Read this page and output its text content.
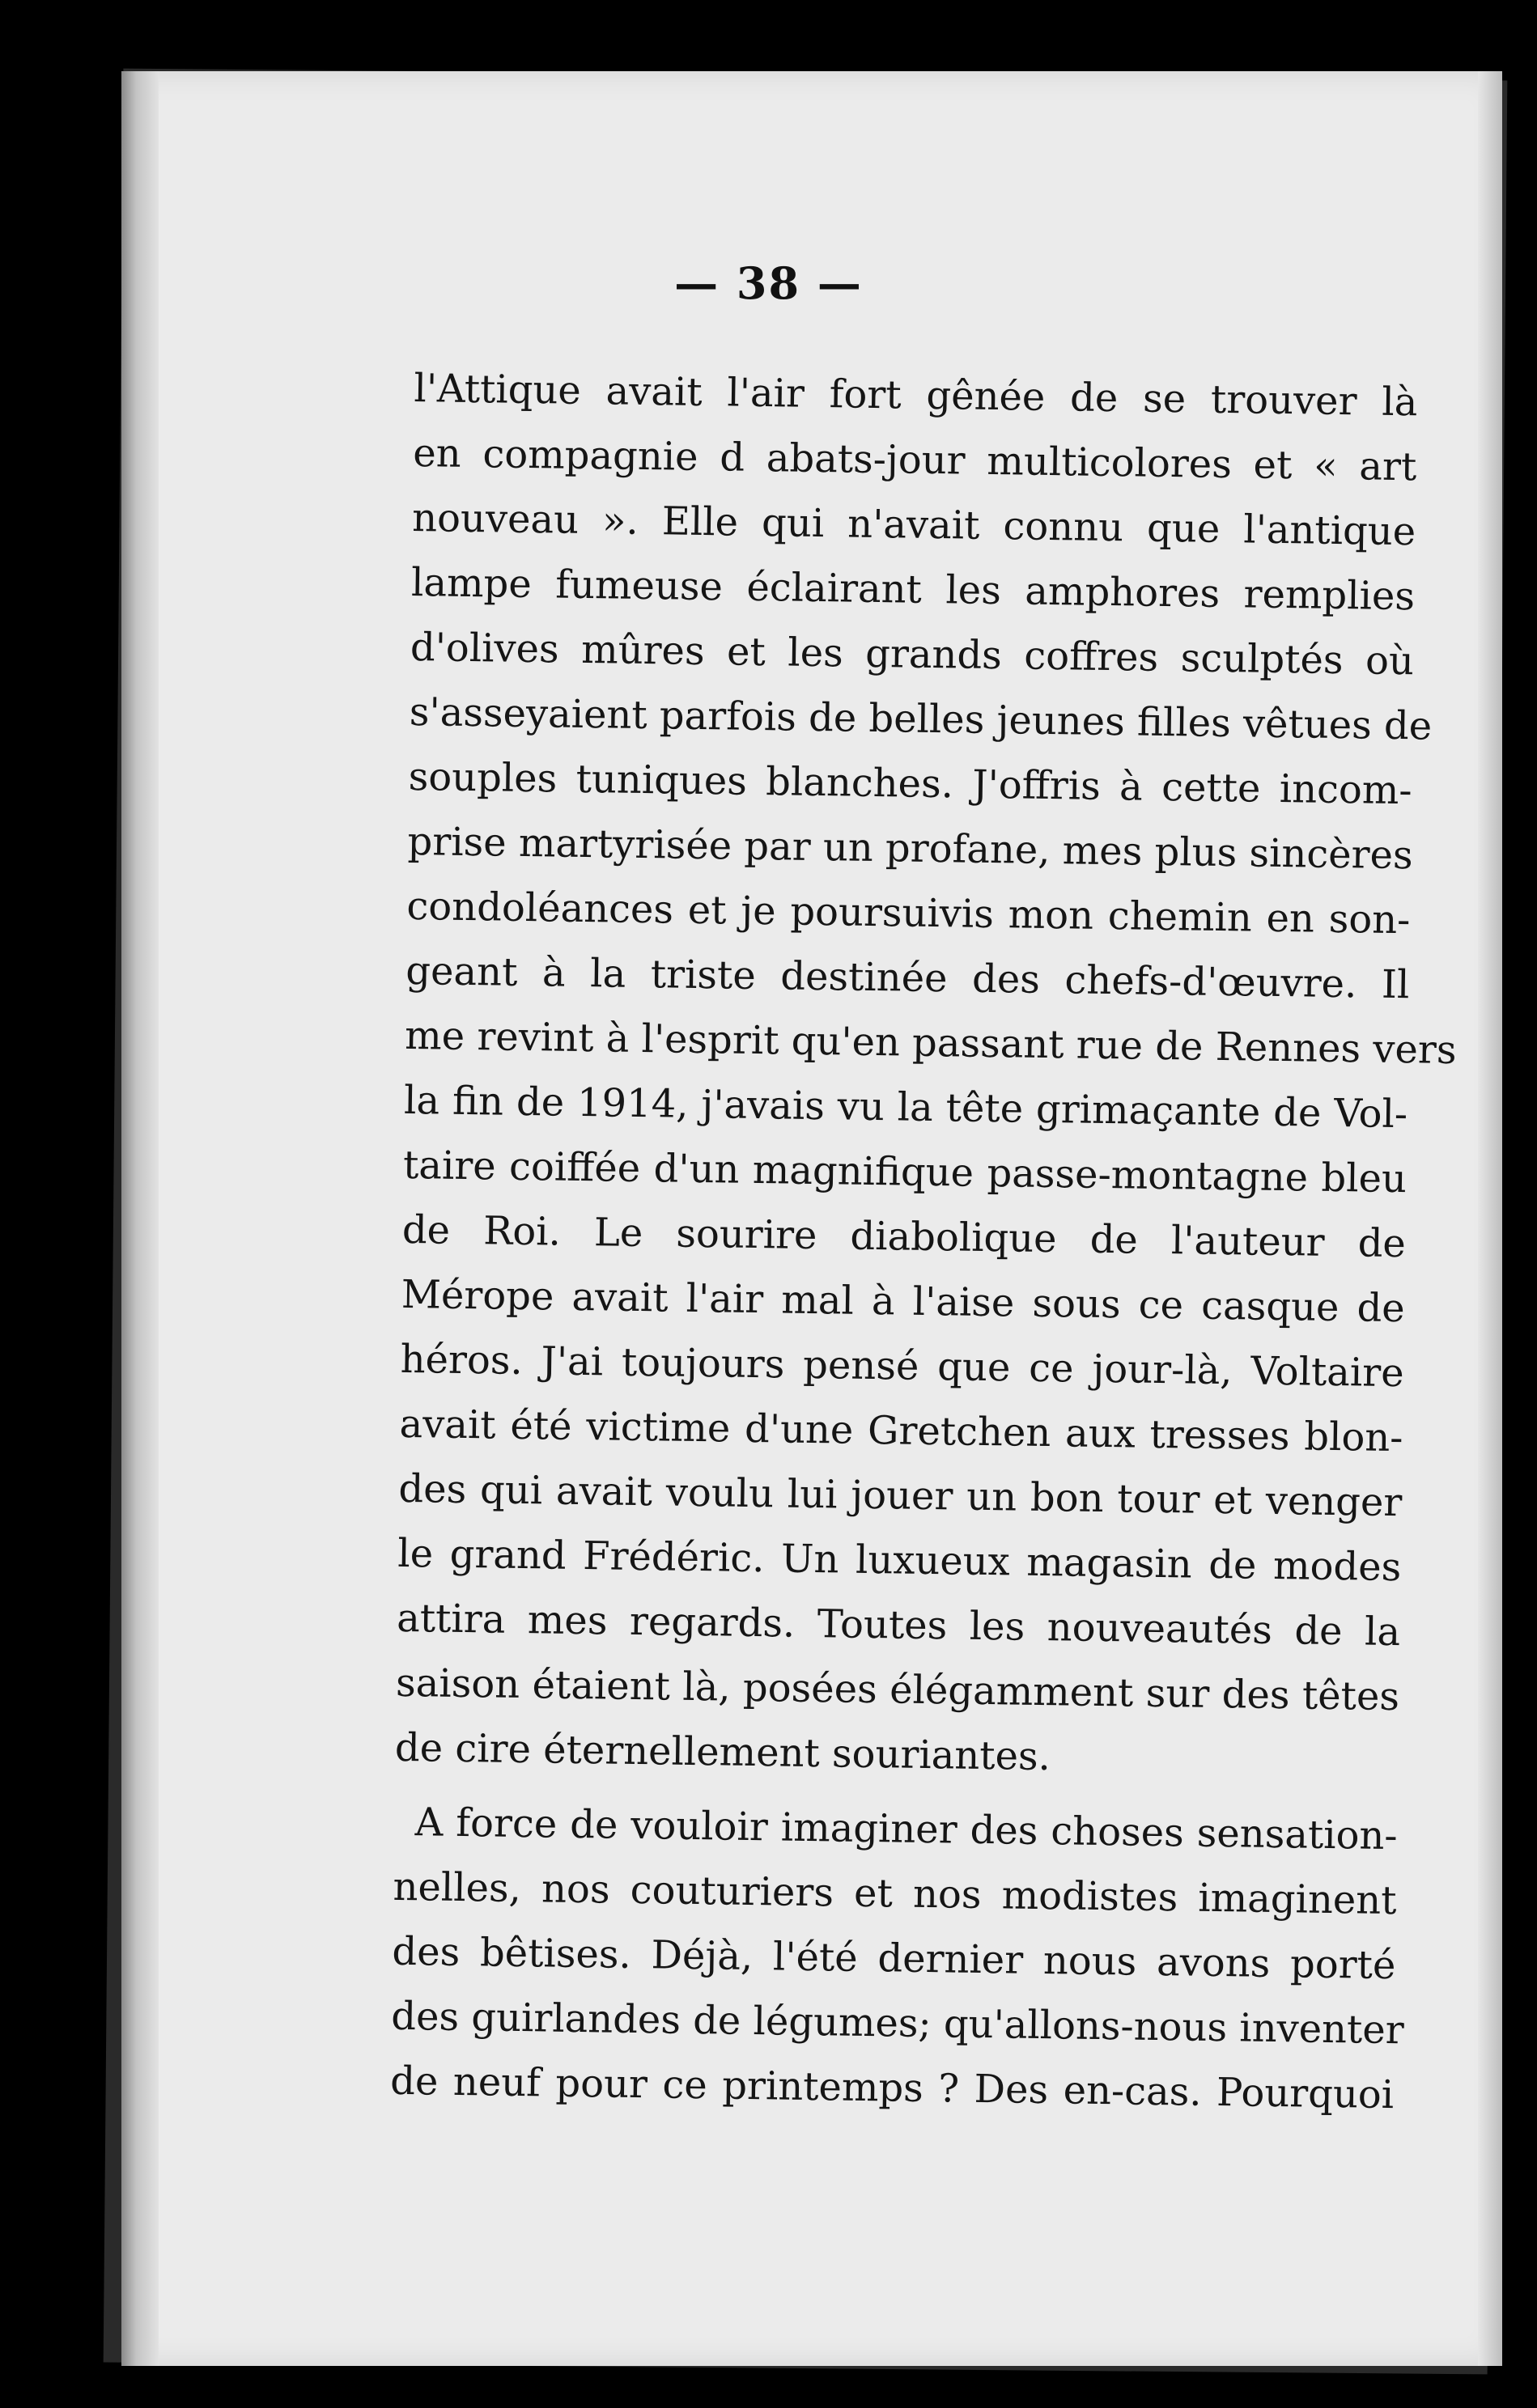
— 38 —
l'Attique avait l'air fort gênée de se trouver là
en compagnie d abats-jour multicolores et « art
nouveau ». Elle qui n'avait connu que l'antique
lampe fumeuse éclairant les amphores remplies
d'olives mûres et les grands coffres sculptés où
s'asseyaient parfois de belles jeunes filles vêtues de
souples tuniques blanches. J'offris à cette incom-
prise martyrisée par un profane, mes plus sincères
condoléances et je poursuivis mon chemin en son-
geant à la triste destinée des chefs-d'œuvre. Il
me revint à l'esprit qu'en passant rue de Rennes vers
la fin de 1914, j'avais vu la tête grimaçante de Vol-
taire coiffée d'un magnifique passe-montagne bleu
de Roi. Le sourire diabolique de l'auteur de
Mérope avait l'air mal à l'aise sous ce casque de
héros. J'ai toujours pensé que ce jour-là, Voltaire
avait été victime d'une Gretchen aux tresses blon-
des qui avait voulu lui jouer un bon tour et venger
le grand Frédéric. Un luxueux magasin de modes
attira mes regards. Toutes les nouveautés de la
saison étaient là, posées élégamment sur des têtes
de cire éternellement souriantes.
A force de vouloir imaginer des choses sensation-
nelles, nos couturiers et nos modistes imaginent
des bêtises. Déjà, l'été dernier nous avons porté
des guirlandes de légumes; qu'allons-nous inventer
de neuf pour ce printemps ? Des en-cas. Pourquoi
